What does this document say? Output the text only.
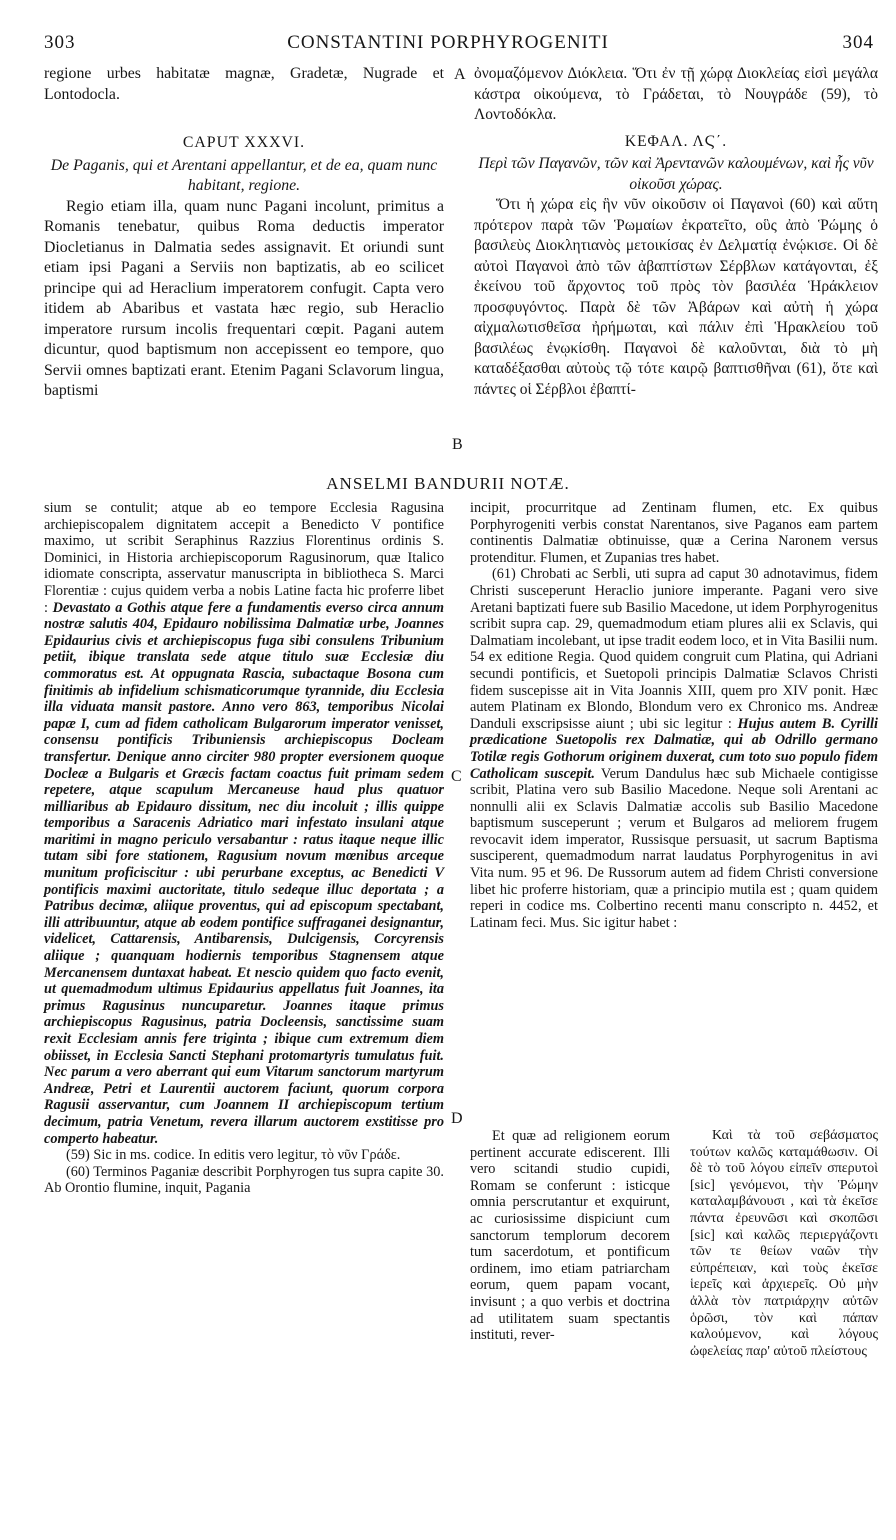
303	CONSTANTINI PORPHYROGENITI	304

regione urbes habitatæ magnæ, Gradetæ, Nugrade et Lontodocla.

CAPUT XXXVI.
De Paganis, qui et Arentani appellantur, et de ea, quam nunc habitant, regione.

Regio etiam illa, quam nunc Pagani incolunt, primitus a Romanis tenebatur, quibus Roma deductis imperator Diocletianus in Dalmatia sedes assignavit. Et oriundi sunt etiam ipsi Pagani a Serviis non baptizatis, ab eo scilicet principe qui ad Heraclium imperatorem confugit. Capta vero itidem ab Abaribus et vastata hæc regio, sub Heraclio imperatore rursum incolis frequentari cœpit. Pagani autem dicuntur, quod baptismum non accepissent eo tempore, quo Servii omnes baptizati erant. Etenim Pagani Sclavorum lingua, baptismi

ὀνομαζόμενον Διόκλεια. Ὅτι ἐν τῇ χώρᾳ Διοκλείας εἰσὶ μεγάλα κάστρα οἰκούμενα, τὸ Γράδεται, τὸ Νουγράδε (59), τὸ Λοντοδόκλα.

ΚΕΦΑΛ. ΛϚ΄.
Περὶ τῶν Παγανῶν, τῶν καὶ Ἀρεντανῶν καλουμένων, καὶ ἧς νῦν οἰκοῦσι χώρας.

Ὅτι ἡ χώρα εἰς ἣν νῦν οἰκοῦσιν οἱ Παγανοὶ (60) καὶ αὕτη πρότερον παρὰ τῶν Ῥωμαίων ἐκρατεῖτο, οὓς ἀπὸ Ῥώμης ὁ βασιλεὺς Διοκλητιανὸς μετοικίσας ἐν Δελματίᾳ ἐνῴκισε. Οἱ δὲ αὐτοὶ Παγανοὶ ἀπὸ τῶν ἀβαπτίστων Σέρβλων κατάγονται, ἐξ ἐκείνου τοῦ ἄρχοντος τοῦ πρὸς τὸν βασιλέα Ἡράκλειον προσφυγόντος. Παρὰ δὲ τῶν Ἀβάρων καὶ αὐτὴ ἡ χώρα αἰχμαλωτισθεῖσα ἠρήμωται, καὶ πάλιν ἐπὶ Ἡρακλείου τοῦ βασιλέως ἐνῳκίσθη. Παγανοὶ δὲ καλοῦνται, διὰ τὸ μὴ καταδέξασθαι αὐτοὺς τῷ τότε καιρῷ βαπτισθῆναι (61), ὅτε καὶ πάντες οἱ Σέρβλοι ἐβαπτί-

A
B
C
D
ANSELMI BANDURII NOTÆ.

sium se contulit; atque ab eo tempore Ecclesia Ragusina archiepiscopalem dignitatem accepit a Benedicto V pontifice maximo, ut scribit Seraphinus Razzius Florentinus ordinis S. Dominici, in Historia archiepiscoporum Ragusinorum, quæ Italico idiomate conscripta, asservatur manuscripta in bibliotheca S. Marci Florentiæ : cujus quidem verba a nobis Latine facta hic proferre libet : Devastato a Gothis atque fere a fundamentis everso circa annum nostræ salutis 404, Epidauro nobilissima Dalmatiæ urbe, Joannes Epidaurius civis et archiepiscopus fuga sibi consulens Tribunium petiit, ibique translata sede atque titulo suæ Ecclesiæ diu commoratus est. At oppugnata Rascia, subactaque Bosona cum finitimis ab infidelium schismaticorumque tyrannide, diu Ecclesia illa viduata mansit pastore. Anno vero 863, temporibus Nicolai papæ I, cum ad fidem catholicam Bulgarorum imperator venisset, consensu pontificis Tribuniensis archiepiscopus Docleam transfertur. Denique anno circiter 980 propter eversionem quoque Docleæ a Bulgaris et Græcis factam coactus fuit primam sedem repetere, atque scapulum Mercaneuse haud plus quatuor milliaribus ab Epidauro dissitum, nec diu incoluit ; illis quippe temporibus a Saracenis Adriatico mari infestato insulani atque maritimi in magno periculo versabantur : ratus itaque neque illic tutam sibi fore stationem, Ragusium novum mœnibus arceque munitum proficiscitur : ubi perurbane exceptus, ac Benedicti V pontificis maximi auctoritate, titulo sedeque illuc deportata ; a Patribus decimæ, aliique proventus, qui ad episcopum spectabant, illi attribuuntur, atque ab eodem pontifice suffraganei designantur, videlicet, Cattarensis, Antibarensis, Dulcigensis, Corcyrensis aliique ; quanquam hodiernis temporibus Stagnensem atque Mercanensem duntaxat habeat. Et nescio quidem quo facto evenit, ut quemadmodum ultimus Epidaurius appellatus fuit Joannes, ita primus Ragusinus nuncuparetur. Joannes itaque primus archiepiscopus Ragusinus, patria Docleensis, sanctissime suam rexit Ecclesiam annis fere triginta ; ibique cum extremum diem obiisset, in Ecclesia Sancti Stephani protomartyris tumulatus fuit. Nec parum a vero aberrant qui eum Vitarum sanctorum martyrum Andreæ, Petri et Laurentii auctorem faciunt, quorum corpora Ragusii asservantur, cum Joannem II archiepiscopum tertium decimum, patria Venetum, revera illarum auctorem exstitisse pro comperto habeatur.

(59) Sic in ms. codice. In editis vero legitur, τὸ νῦν Γράδε.

(60) Terminos Paganiæ describit Porphyrogen tus supra capite 30. Ab Orontio flumine, inquit, Pagania

incipit, procurritque ad Zentinam flumen, etc. Ex quibus Porphyrogeniti verbis constat Narentanos, sive Paganos eam partem continentis Dalmatiæ obtinuisse, quæ a Cerina Naronem versus protenditur. Flumen, et Zupanias tres habet.

(61) Chrobati ac Serbli, uti supra ad caput 30 adnotavimus, fidem Christi susceperunt Heraclio juniore imperante. Pagani vero sive Aretani baptizati fuere sub Basilio Macedone, ut idem Porphyrogenitus scribit supra cap. 29, quemadmodum etiam plures alii ex Sclavis, qui Dalmatiam incolebant, ut ipse tradit eodem loco, et in Vita Basilii num. 54 ex editione Regia. Quod quidem congruit cum Platina, qui Adriani secundi pontificis, et Suetopoli principis Dalmatiæ Sclavos Christi fidem suscepisse ait in Vita Joannis XIII, quem pro XIV ponit. Hæc autem Platinam ex Blondo, Blondum vero ex Chronico ms. Andreæ Danduli exscripsisse aiunt ; ubi sic legitur : Hujus autem B. Cyrilli prædicatione Suetopolis rex Dalmatiæ, qui ab Odrillo germano Totilæ regis Gothorum originem duxerat, cum toto suo populo fidem Catholicam suscepit. Verum Dandulus hæc sub Michaele contigisse scribit, Platina vero sub Basilio Macedone. Neque soli Arentani ac nonnulli alii ex Sclavis Dalmatiæ accolis sub Basilio Macedone baptismum susceperunt ; verum et Bulgaros ad meliorem frugem revocavit idem imperator, Russisque persuasit, ut sacrum Baptisma susciperent, quemadmodum narrat laudatus Porphyrogenitus in avi Vita num. 95 et 96. De Russorum autem ad fidem Christi conversione libet hic proferre historiam, quæ a principio mutila est ; quam quidem reperi in codice ms. Colbertino recenti manu conscripto n. 4452, et Latinam feci. Mus. Sic igitur habet :

Et quæ ad religionem eorum pertinent accurate ediscerent. Illi vero scitandi studio cupidi, Romam se conferunt : isticque omnia perscrutantur et exquirunt, ac curiosissime dispiciunt cum sanctorum templorum decorem tum sacerdotum, et pontificum ordinem, imo etiam patriarcham eorum, quem papam vocant, invisunt ; a quo verbis et doctrina ad utilitatem suam spectantis instituti, rever-

Καὶ τὰ τοῦ σεβάσματος τούτων καλῶς καταμάθωσιν. Οἱ δὲ τὸ τοῦ λόγου εἰπεῖν σπερυτοὶ [sic] γενόμενοι, τὴν Ῥώμην καταλαμβάνουσι , καὶ τὰ ἐκεῖσε πάντα ἐρευνῶσι καὶ σκοπῶσι [sic] καὶ καλῶς περιεργάζοντι τῶν τε θείων ναῶν τὴν εὐπρέπειαν, καὶ τοὺς ἐκεῖσε ἱερεῖς καὶ ἀρχιερεῖς. Οὐ μὴν ἀλλὰ τὸν πατριάρχην αὐτῶν ὁρῶσι, τὸν καὶ πάπαν καλούμενον, καὶ λόγους ὠφελείας παρ' αὐτοῦ πλείστους
